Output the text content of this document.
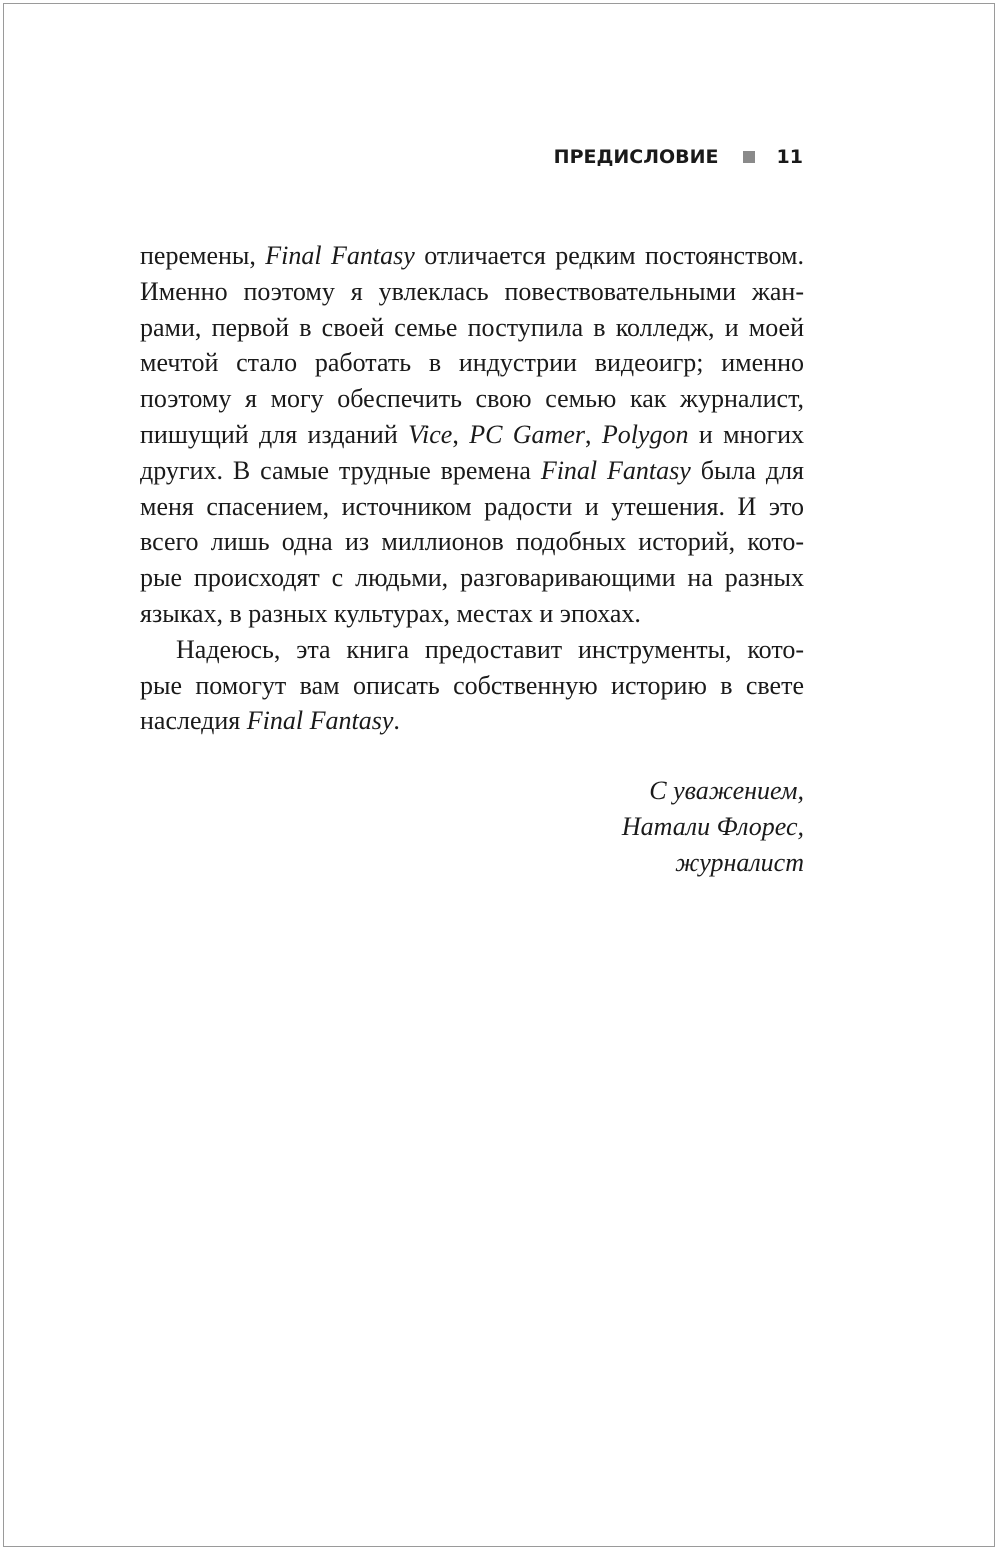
ПРЕДИСЛОВИЕ	11
перемены, Final Fantasy отличается редким постоянством.
Именно поэтому я увлеклась повествовательными жан-
рами, первой в своей семье поступила в колледж, и моей
мечтой стало работать в индустрии видеоигр; именно
поэтому я могу обеспечить свою семью как журналист,
пишущий для изданий Vice, PC Gamer, Polygon и многих
других. В самые трудные времена Final Fantasy была для
меня спасением, источником радости и утешения. И это
всего лишь одна из миллионов подобных историй, кото-
рые происходят с людьми, разговаривающими на разных
языках, в разных культурах, местах и эпохах.
Надеюсь, эта книга предоставит инструменты, кото-
рые помогут вам описать собственную историю в свете
наследия Final Fantasy.
С уважением,
Натали Флорес,
журналист
